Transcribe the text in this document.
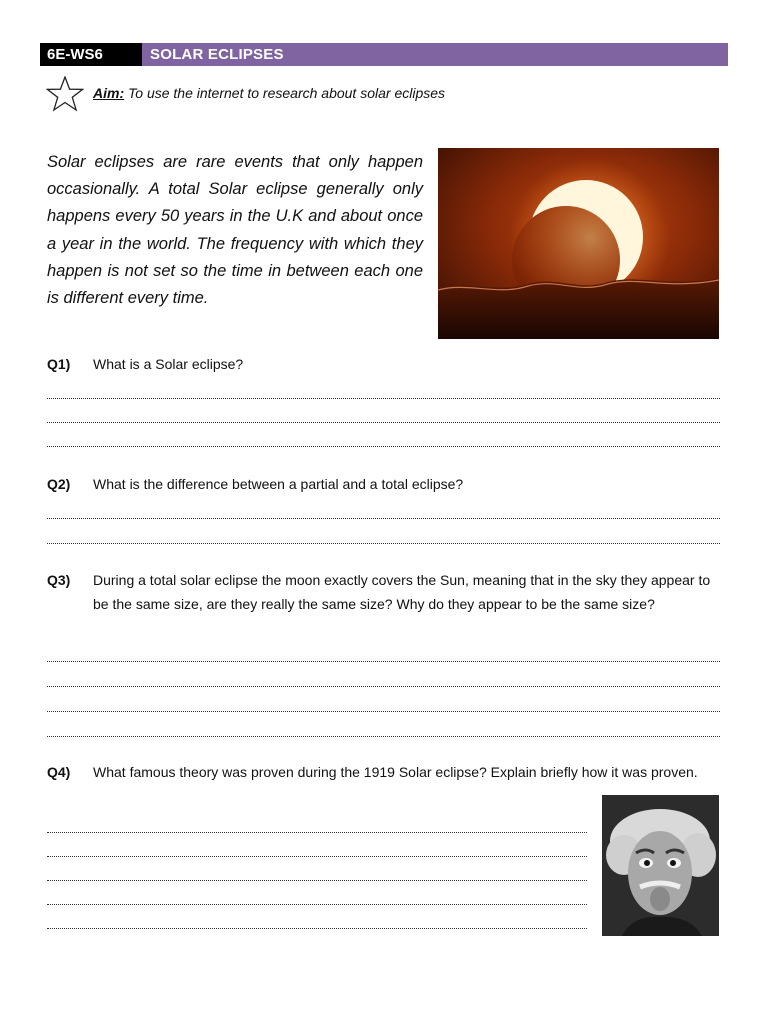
6E-WS6	SOLAR ECLIPSES
Aim: To use the internet to research about solar eclipses

Solar eclipses are rare events that only happen occasionally. A total Solar eclipse generally only happens every 50 years in the U.K and about once a year in the world. The frequency with which they happen is not set so the time in between each one is different every time.

Q1) What is a Solar eclipse?
Q2) What is the difference between a partial and a total eclipse?
Q3) During a total solar eclipse the moon exactly covers the Sun, meaning that in the sky they appear to be the same size, are they really the same size? Why do they appear to be the same size?
Q4) What famous theory was proven during the 1919 Solar eclipse? Explain briefly how it was proven.
